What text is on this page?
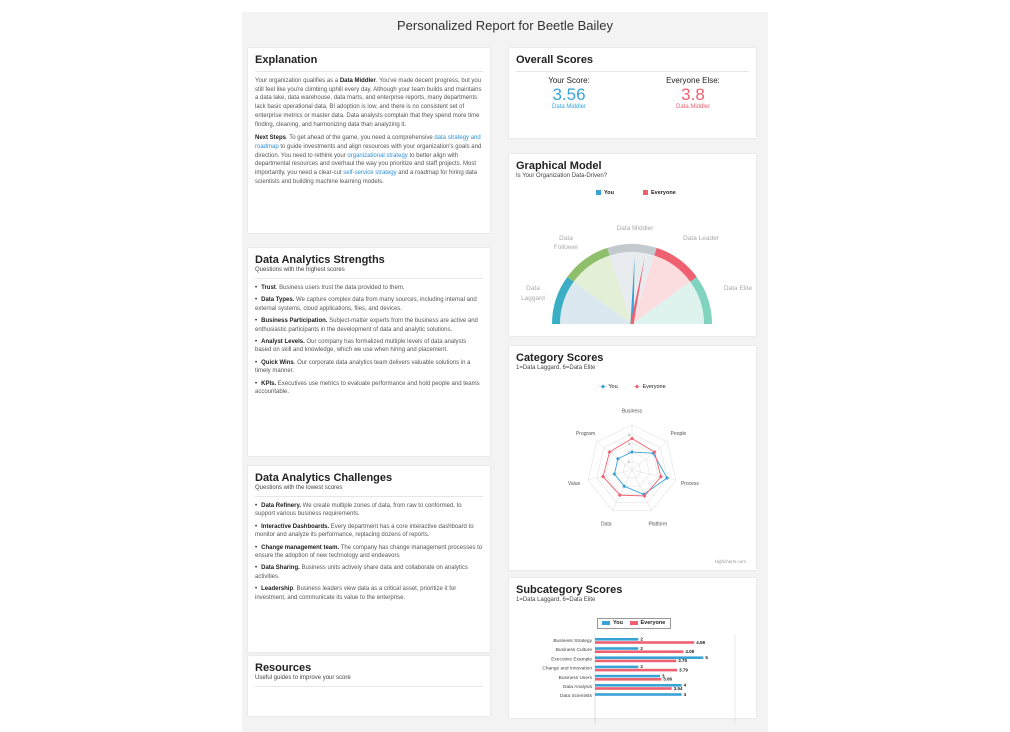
Personalized Report for Beetle Bailey
Explanation

Your organization qualifies as a Data Middler. You've made decent progress, but you still feel like you're climbing uphill every day. Although your team builds and maintains a data lake, data warehouse, data marts, and enterprise reports, many departments lack basic operational data, BI adoption is low, and there is no consistent set of enterprise metrics or master data. Data analysts complain that they spend more time finding, cleaning, and harmonizing data than analyzing it.

Next Steps. To get ahead of the game, you need a comprehensive data strategy and roadmap to guide investments and align resources with your organization's goals and direction. You need to rethink your organizational strategy to better align with departmental resources and overhaul the way you prioritize and staff projects. Most importantly, you need a clear-cut self-service strategy and a roadmap for hiring data scientists and building machine learning models.

Data Analytics Strengths
Questions with the highest scores
• Trust. Business users trust the data provided to them.
• Data Types. We capture complex data from many sources, including internal and external systems, cloud applications, files, and devices.
• Business Participation. Subject-matter experts from the business are active and enthusiastic participants in the development of data and analytic solutions.
• Analyst Levels. Our company has formalized multiple levels of data analysts based on skill and knowledge, which we use when hiring and placement.
• Quick Wins. Our corporate data analytics team delivers valuable solutions in a timely manner.
• KPIs. Executives use metrics to evaluate performance and hold people and teams accountable.
Data Analytics Challenges
Questions with the lowest scores
• Data Refinery. We create multiple zones of data, from raw to conformed, to support various business requirements.
• Interactive Dashboards. Every department has a core interactive dashboard to monitor and analyze its performance, replacing dozens of reports.
• Change management team. The company has change management processes to ensure the adoption of new technology and endeavors
• Data Sharing. Business units actively share data and collaborate on analytics activities.
• Leadership. Business leaders view data as a critical asset, prioritize it for investment, and communicate its value to the enterprise.
Resources
Useful guides to improve your score
Overall Scores
Your Score:
3.56
Data Middler
Everyone Else:
3.8
Data Middler
Graphical Model
Is Your Organization Data-Driven?
You	Everyone
Data
Laggard
Data
Follower
Data Middler
Data Leader
Data Elite
Category Scores
1=Data Laggard, 6=Data Elite
-◆- You	-◆- Everyone
Business
People
Process
Platform
Data
Value
Program
1
2
3
4
Highcharts.com
Subcategory Scores
1=Data Laggard, 6=Data Elite
You	Everyone
Business Strategy	2
4.58
Business Culture	2
4.08
Executive Example	5
3.75
Change and Innovation	2
3.79
Business Users	3
3.06
Data Analysis	4
3.54
Data Scientists	4
